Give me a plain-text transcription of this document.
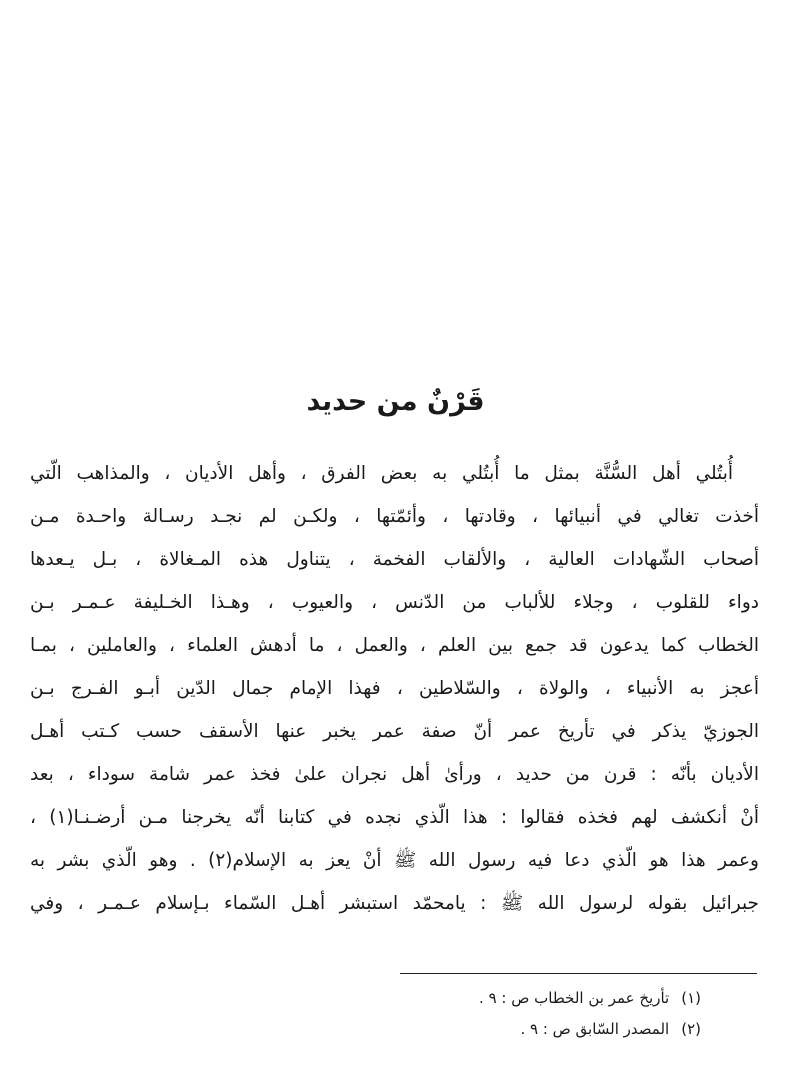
قَرْنٌ من حديد
أُبتُلي أهل السُّنَّة بمثل ما أُبتُلي به بعض الفرق ، وأهل الأديان ، والمذاهب الّتي
أخذت تغالي في أنبيائها ، وقادتها ، وأئمّتها ، ولكـن لم نجـد رسـالة واحـدة مـن
أصحاب الشّهادات العالية ، والألقاب الفخمة ، يتناول هذه المـغالاة ، بـل يـعدها
دواء للقلوب ، وجلاء للألباب من الدّنس ، والعيوب ، وهـذا الخـليفة عـمـر بـن
الخطاب كما يدعون قد جمع بين العلم ، والعمل ، ما أدهش العلماء ، والعاملين ، بمـا
أعجز به الأنبياء ، والولاة ، والسّلاطين ، فهذا الإمام جمال الدّين أبـو الفـرج بـن
الجوزيّ يذكر في تأريخ عمر أنّ صفة عمر يخبر عنها الأسقف حسب كـتب أهـل
الأديان بأنّه : قرن من حديد ، ورأىٰ أهل نجران علىٰ فخذ عمر شامة سوداء ، بعد
أنْ أنكشف لهم فخذه فقالوا : هذا الّذي نجده في كتابنا أنّه يخرجنا مـن أرضـنـا(١) ،
وعمر هذا هو الّذي دعا فيه رسول الله ﷺ أنْ يعز به الإسلام(٢) . وهو الّذي بشر به
جبرائيل بقوله لرسول الله ﷺ : يامحمّد استبشر أهـل السّماء بـإسلام عـمـر ، وفي
(١)تأريخ عمر بن الخطاب ص : ٩ .
(٢)المصدر السّابق ص : ٩ .
